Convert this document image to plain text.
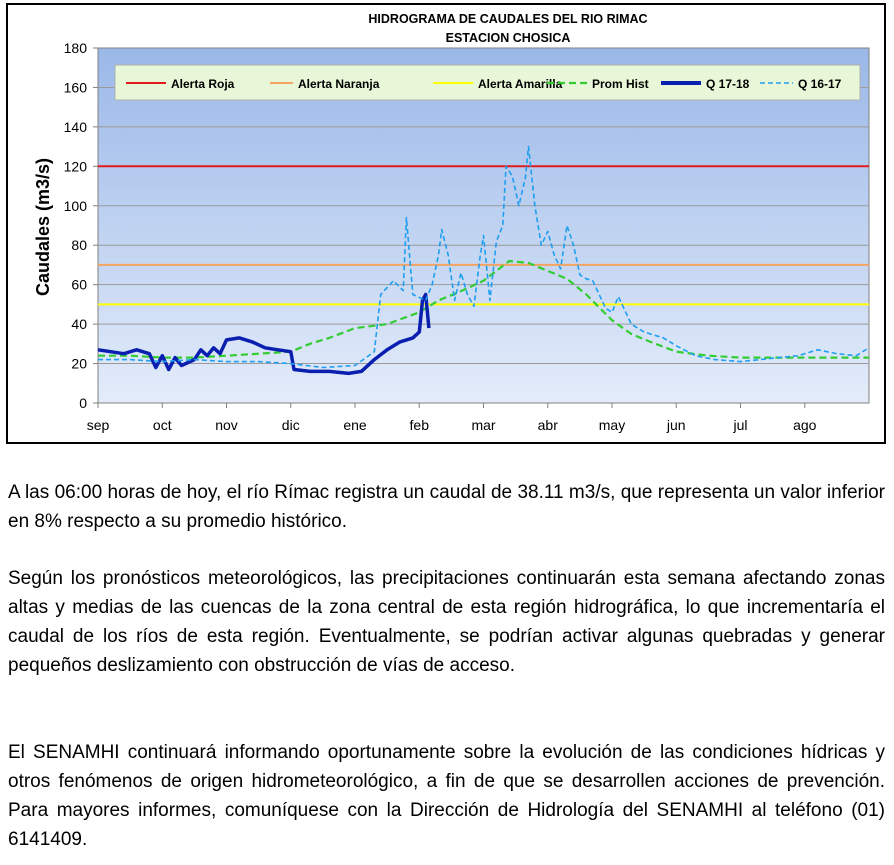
HIDROGRAMA DE CAUDALES DEL RIO RIMAC
ESTACION CHOSICA
0
20
40
60
80
100
120
140
160
180
sep	oct	nov	dic	ene	feb	mar	abr	may	jun	jul	ago
Alerta Roja	Alerta Naranja	Alerta Amarilla Prom Hist	Q 17-18	Q 16-17
Caudales (m3/s)

A las 06:00 horas de hoy, el río Rímac registra un caudal de 38.11 m3/s, que representa un valor inferior en 8% respecto a su promedio histórico.

Según los pronósticos meteorológicos, las precipitaciones continuarán esta semana afectando zonas altas y medias de las cuencas de la zona central de esta región hidrográfica, lo que incrementaría el caudal de los ríos de esta región. Eventualmente, se podrían activar algunas quebradas y generar pequeños deslizamiento con obstrucción de vías de acceso.

El SENAMHI continuará informando oportunamente sobre la evolución de las condiciones hídricas y otros fenómenos de origen hidrometeorológico, a fin de que se desarrollen acciones de prevención. Para mayores informes, comuníquese con la Dirección de Hidrología del SENAMHI al teléfono (01) 6141409.
